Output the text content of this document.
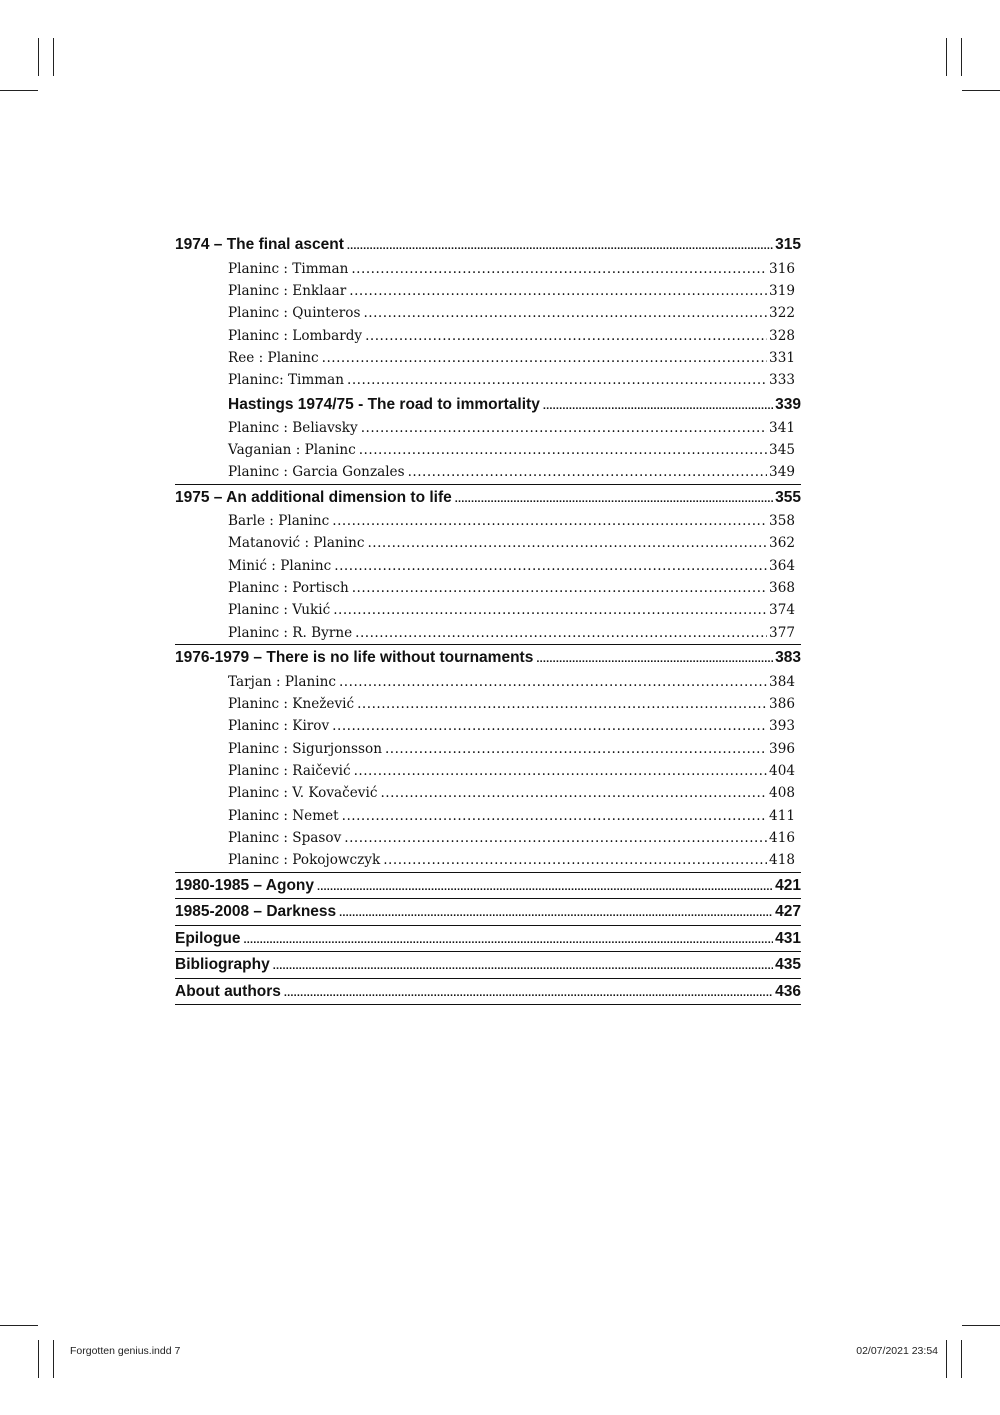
1974 – The final ascent .....	315
Planinc : Timman .....	316
Planinc : Enklaar .....	319
Planinc : Quinteros .....	322
Planinc : Lombardy .....	328
Ree : Planinc .....	331
Planinc: Timman .....	333
Hastings 1974/75 - The road to immortality .....	339
Planinc : Beliavsky .....	341
Vaganian : Planinc .....	345
Planinc : Garcia Gonzales .....	349
1975 – An additional dimension to life .....	355
Barle : Planinc .....	358
Matanović : Planinc .....	362
Minić : Planinc .....	364
Planinc : Portisch .....	368
Planinc : Vukić .....	374
Planinc : R. Byrne .....	377
1976-1979 – There is no life without tournaments .....	383
Tarjan : Planinc .....	384
Planinc : Knežević .....	386
Planinc : Kirov .....	393
Planinc : Sigurjonsson .....	396
Planinc : Raičević .....	404
Planinc : V. Kovačević .....	408
Planinc : Nemet .....	411
Planinc : Spasov .....	416
Planinc : Pokojowczyk .....	418
1980-1985 – Agony .....	421
1985-2008 – Darkness .....	427
Epilogue .....	431
Bibliography .....	435
About authors .....	436
Forgotten genius.indd 7	02/07/2021 23:54
